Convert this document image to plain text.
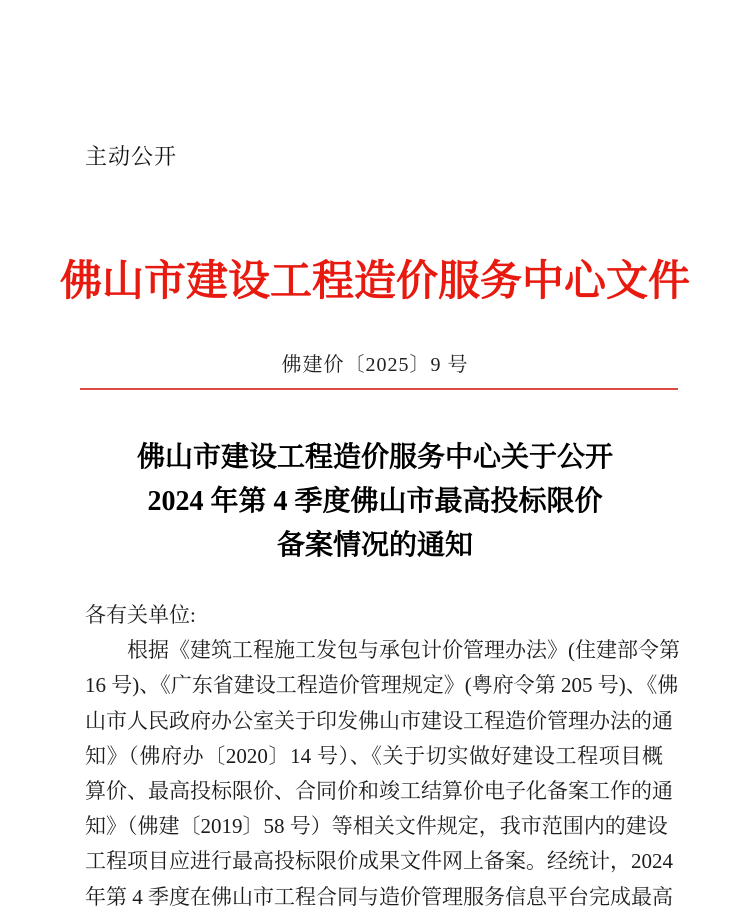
主动公开
佛山市建设工程造价服务中心文件
佛建价〔2025〕9 号
佛山市建设工程造价服务中心关于公开
2024 年第 4 季度佛山市最高投标限价
备案情况的通知
各有关单位:
根据《建筑工程施工发包与承包计价管理办法》(住建部令第
16 号)、《广东省建设工程造价管理规定》(粤府令第 205 号)、《佛
山市人民政府办公室关于印发佛山市建设工程造价管理办法的通
知》（佛府办〔2020〕14 号）、《关于切实做好建设工程项目概
算价、最高投标限价、合同价和竣工结算价电子化备案工作的通
知》（佛建〔2019〕58 号）等相关文件规定，我市范围内的建设
工程项目应进行最高投标限价成果文件网上备案。经统计，2024
年第 4 季度在佛山市工程合同与造价管理服务信息平台完成最高
